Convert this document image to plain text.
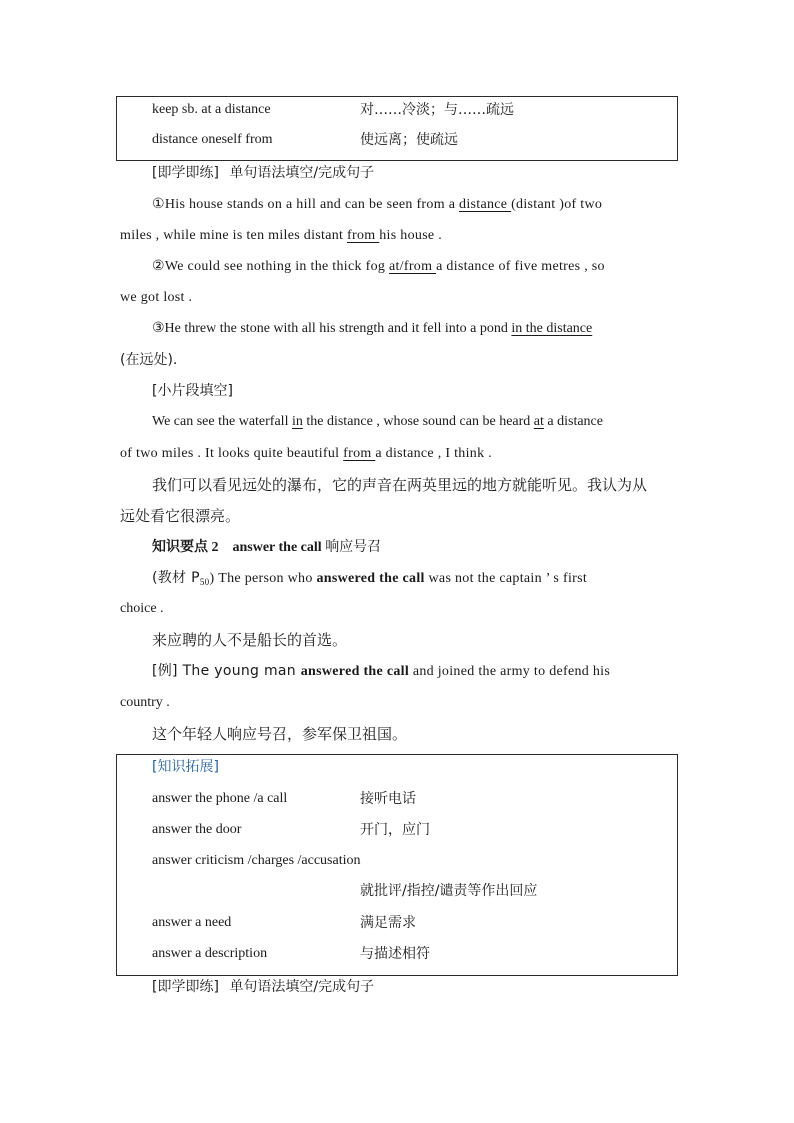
keep sb. at a distance	对……冷淡；与……疏远
distance oneself from	使远离；使疏远
[即学即练] 单句语法填空/完成句子
①His house stands on a hill and can be seen from a distance (distant )of two
miles , while mine is ten miles distant from his house .
②We could see nothing in the thick fog at/from a distance of five metres , so
we got lost .
③He threw the stone with all his strength and it fell into a pond in the distance
(在远处).
[小片段填空]
We can see the waterfall in the distance , whose sound can be heard at a distance
of two miles . It looks quite beautiful from a distance , I think .
我们可以看见远处的瀑布，它的声音在两英里远的地方就能听见。我认为从
远处看它很漂亮。
知识要点 2 answer the call 响应号召
(教材 $P_{50}$) The person who answered the call was not the captain ’ s first
choice .
来应聘的人不是船长的首选。
[例] The young man answered the call and joined the army to defend his
country .
这个年轻人响应号召，参军保卫祖国。
[知识拓展]
answer the phone /a call	接听电话
answer the door	开门，应门
answer criticism /charges /accusation
就批评/指控/谴责等作出回应
answer a need	满足需求
answer a description	与描述相符
[即学即练] 单句语法填空/完成句子
